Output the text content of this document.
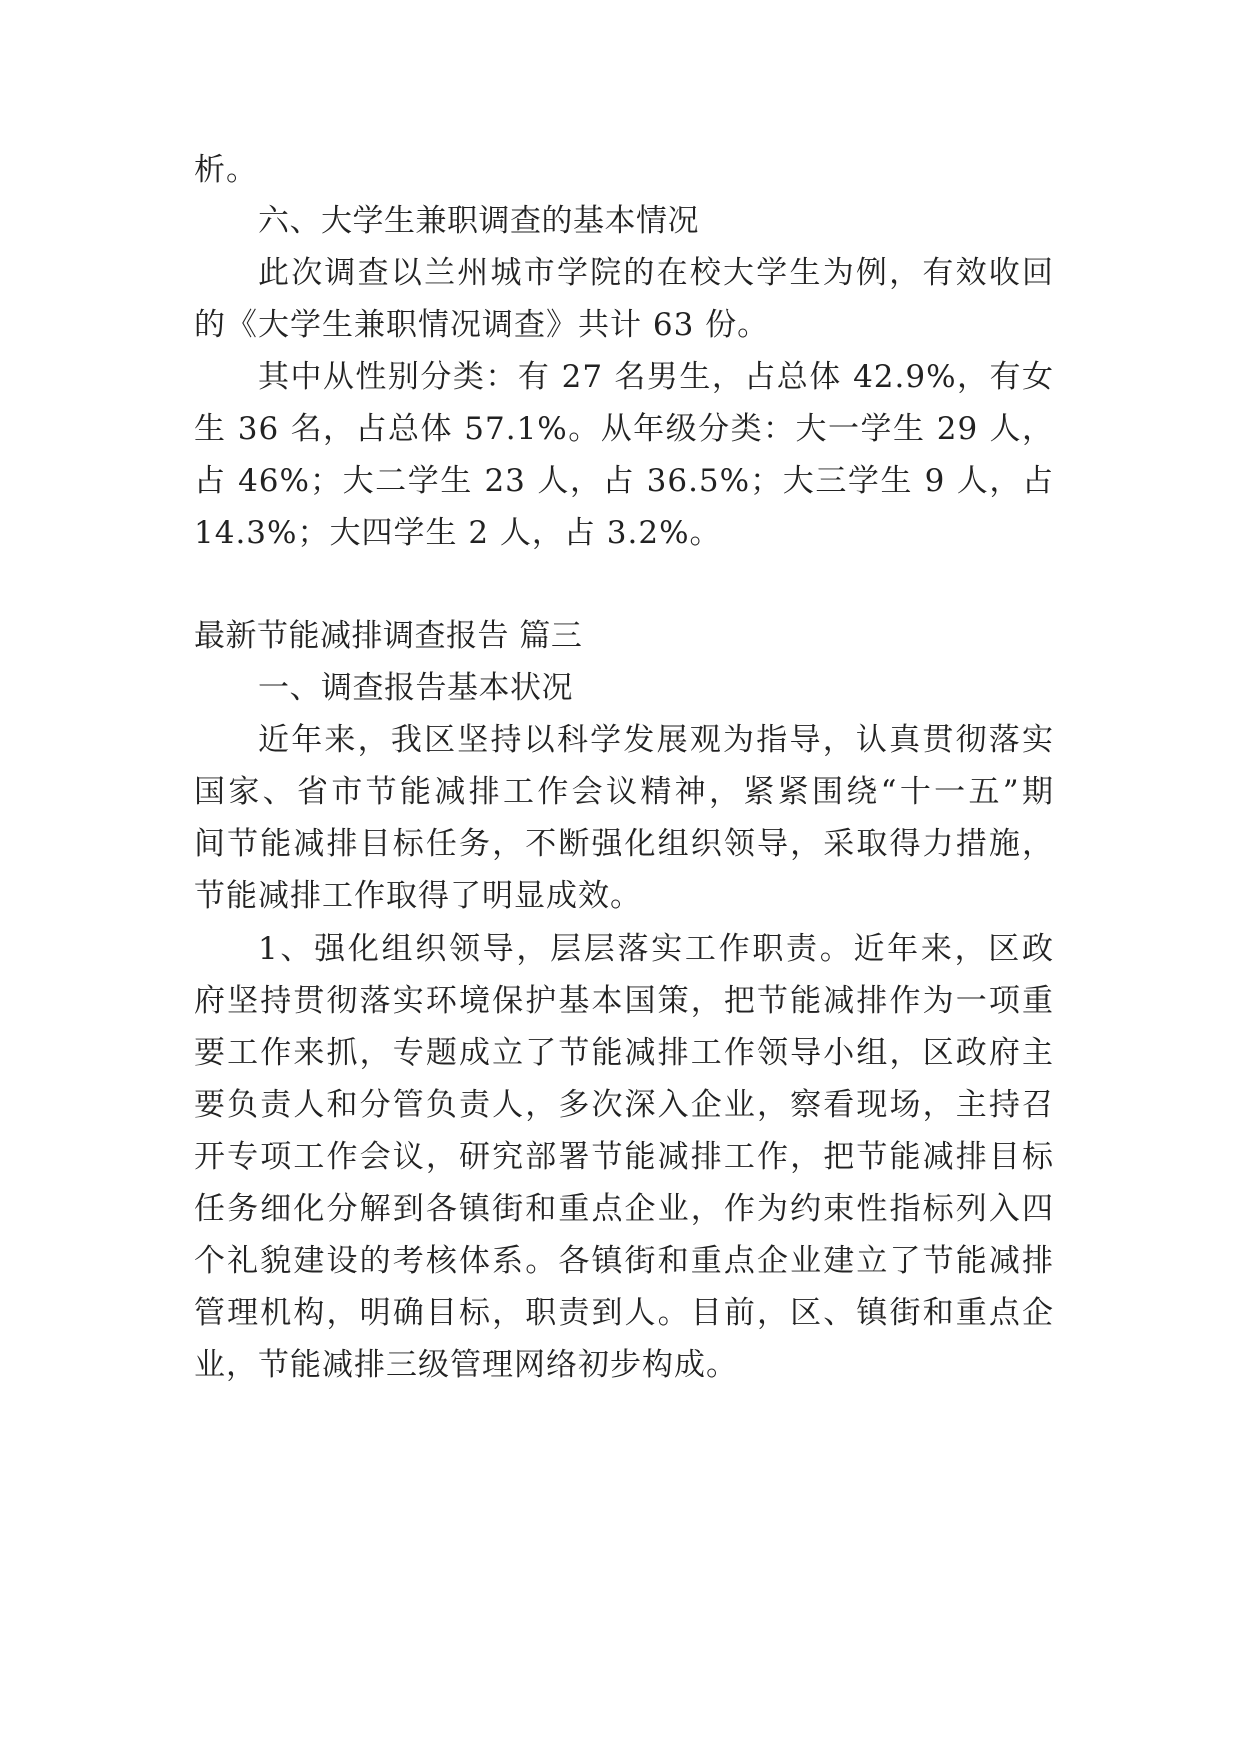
析。
六、大学生兼职调查的基本情况
此次调查以兰州城市学院的在校大学生为例，有效收回
的《大学生兼职情况调查》共计 63 份。
其中从性别分类：有 27 名男生，占总体 42.9%，有女
生 36 名，占总体 57.1%。从年级分类：大一学生 29 人，
占 46%；大二学生 23 人，占 36.5%；大三学生 9 人，占
14.3%；大四学生 2 人，占 3.2%。
最新节能减排调查报告 篇三
一、调查报告基本状况
近年来，我区坚持以科学发展观为指导，认真贯彻落实
国家、省市节能减排工作会议精神，紧紧围绕“十一五”期
间节能减排目标任务，不断强化组织领导，采取得力措施，
节能减排工作取得了明显成效。
1、强化组织领导，层层落实工作职责。近年来，区政
府坚持贯彻落实环境保护基本国策，把节能减排作为一项重
要工作来抓，专题成立了节能减排工作领导小组，区政府主
要负责人和分管负责人，多次深入企业，察看现场，主持召
开专项工作会议，研究部署节能减排工作，把节能减排目标
任务细化分解到各镇街和重点企业，作为约束性指标列入四
个礼貌建设的考核体系。各镇街和重点企业建立了节能减排
管理机构，明确目标，职责到人。目前，区、镇街和重点企
业，节能减排三级管理网络初步构成。
